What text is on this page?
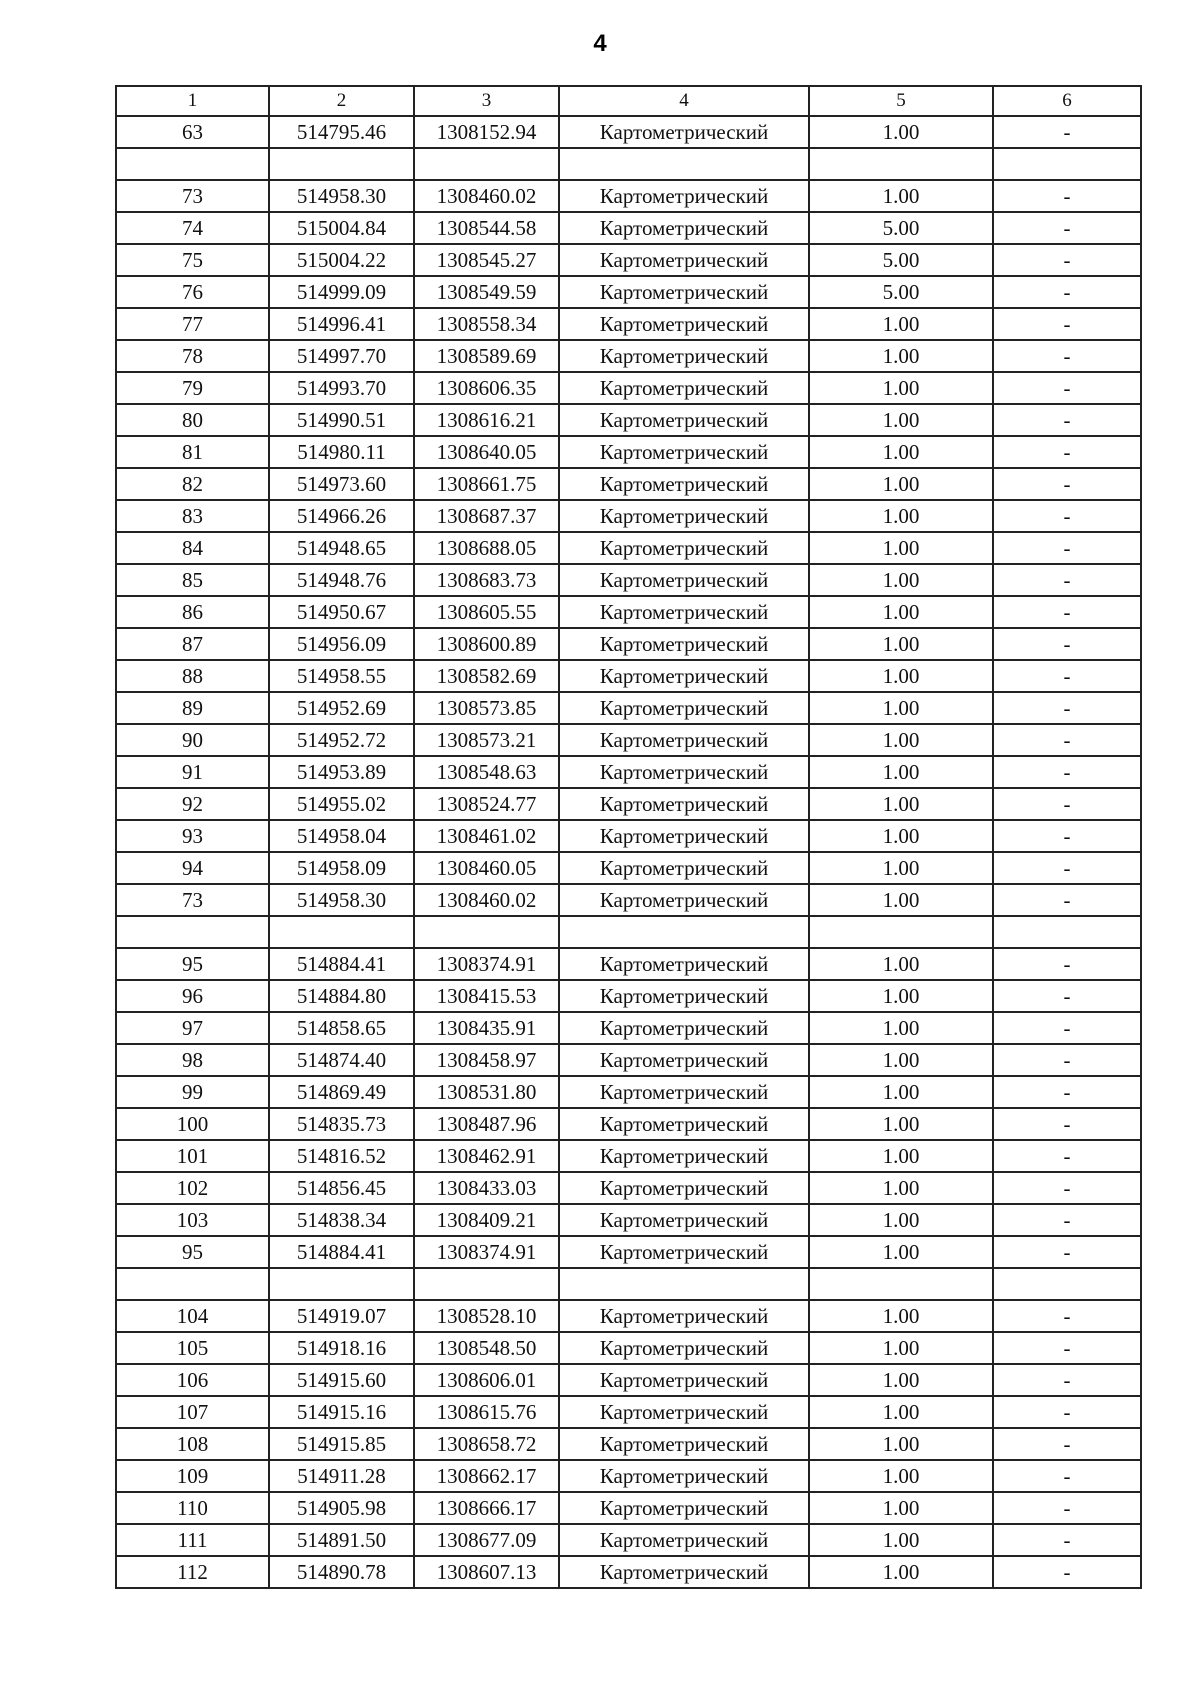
4
1	2	3	4	5	6
63	514795.46	1308152.94	Картометрический	1.00	-

73	514958.30	1308460.02	Картометрический	1.00	-
74	515004.84	1308544.58	Картометрический	5.00	-
75	515004.22	1308545.27	Картометрический	5.00	-
76	514999.09	1308549.59	Картометрический	5.00	-
77	514996.41	1308558.34	Картометрический	1.00	-
78	514997.70	1308589.69	Картометрический	1.00	-
79	514993.70	1308606.35	Картометрический	1.00	-
80	514990.51	1308616.21	Картометрический	1.00	-
81	514980.11	1308640.05	Картометрический	1.00	-
82	514973.60	1308661.75	Картометрический	1.00	-
83	514966.26	1308687.37	Картометрический	1.00	-
84	514948.65	1308688.05	Картометрический	1.00	-
85	514948.76	1308683.73	Картометрический	1.00	-
86	514950.67	1308605.55	Картометрический	1.00	-
87	514956.09	1308600.89	Картометрический	1.00	-
88	514958.55	1308582.69	Картометрический	1.00	-
89	514952.69	1308573.85	Картометрический	1.00	-
90	514952.72	1308573.21	Картометрический	1.00	-
91	514953.89	1308548.63	Картометрический	1.00	-
92	514955.02	1308524.77	Картометрический	1.00	-
93	514958.04	1308461.02	Картометрический	1.00	-
94	514958.09	1308460.05	Картометрический	1.00	-
73	514958.30	1308460.02	Картометрический	1.00	-

95	514884.41	1308374.91	Картометрический	1.00	-
96	514884.80	1308415.53	Картометрический	1.00	-
97	514858.65	1308435.91	Картометрический	1.00	-
98	514874.40	1308458.97	Картометрический	1.00	-
99	514869.49	1308531.80	Картометрический	1.00	-
100	514835.73	1308487.96	Картометрический	1.00	-
101	514816.52	1308462.91	Картометрический	1.00	-
102	514856.45	1308433.03	Картометрический	1.00	-
103	514838.34	1308409.21	Картометрический	1.00	-
95	514884.41	1308374.91	Картометрический	1.00	-

104	514919.07	1308528.10	Картометрический	1.00	-
105	514918.16	1308548.50	Картометрический	1.00	-
106	514915.60	1308606.01	Картометрический	1.00	-
107	514915.16	1308615.76	Картометрический	1.00	-
108	514915.85	1308658.72	Картометрический	1.00	-
109	514911.28	1308662.17	Картометрический	1.00	-
110	514905.98	1308666.17	Картометрический	1.00	-
111	514891.50	1308677.09	Картометрический	1.00	-
112	514890.78	1308607.13	Картометрический	1.00	-
